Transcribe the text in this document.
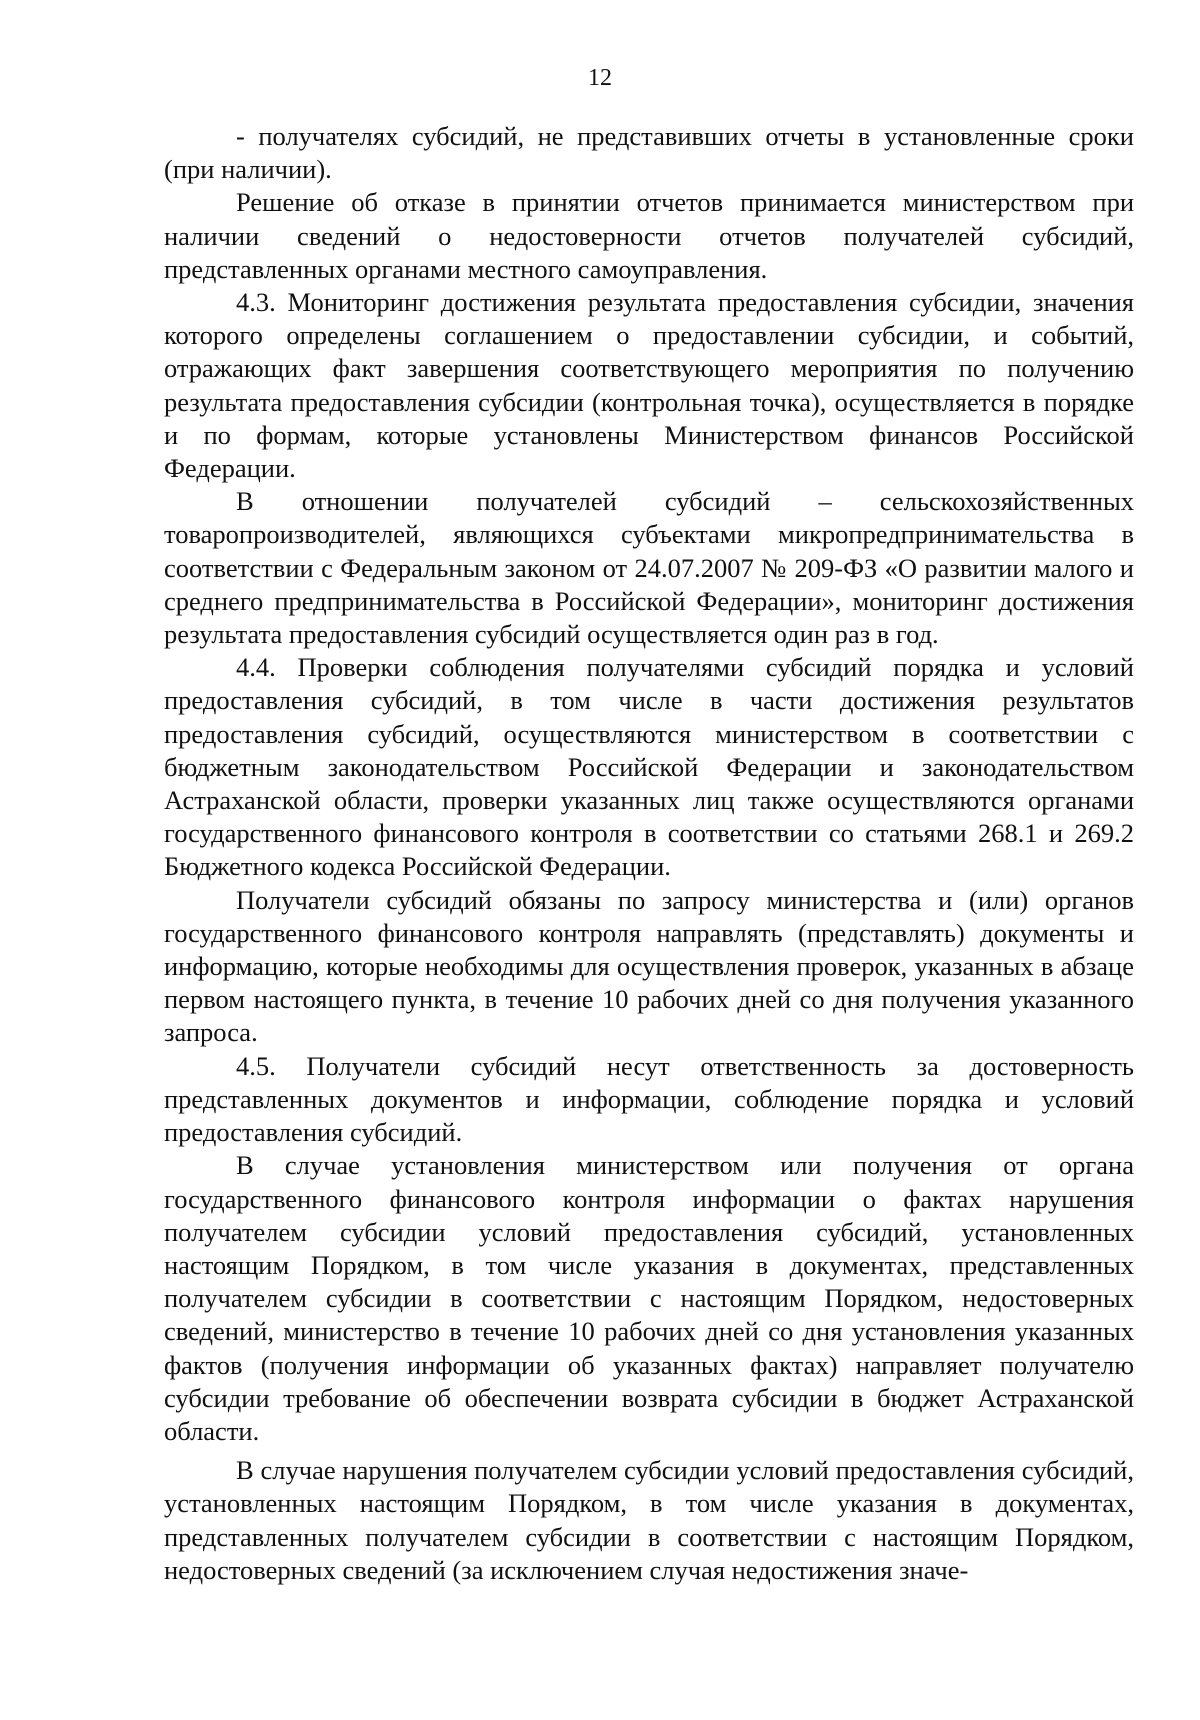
12

- получателях субсидий, не представивших отчеты в установленные сроки (при наличии).

Решение об отказе в принятии отчетов принимается министерством при наличии сведений о недостоверности отчетов получателей субсидий, представленных органами местного самоуправления.

4.3. Мониторинг достижения результата предоставления субсидии, значения которого определены соглашением о предоставлении субсидии, и событий, отражающих факт завершения соответствующего мероприятия по получению результата предоставления субсидии (контрольная точка), осуществляется в порядке и по формам, которые установлены Министерством финансов Российской Федерации.

В отношении получателей субсидий – сельскохозяйственных товаропроизводителей, являющихся субъектами микропредпринимательства в соответствии с Федеральным законом от 24.07.2007 № 209-ФЗ «О развитии малого и среднего предпринимательства в Российской Федерации», мониторинг достижения результата предоставления субсидий осуществляется один раз в год.

4.4. Проверки соблюдения получателями субсидий порядка и условий предоставления субсидий, в том числе в части достижения результатов предоставления субсидий, осуществляются министерством в соответствии с бюджетным законодательством Российской Федерации и законодательством Астраханской области, проверки указанных лиц также осуществляются органами государственного финансового контроля в соответствии со статьями 268.1 и 269.2 Бюджетного кодекса Российской Федерации.

Получатели субсидий обязаны по запросу министерства и (или) органов государственного финансового контроля направлять (представлять) документы и информацию, которые необходимы для осуществления проверок, указанных в абзаце первом настоящего пункта, в течение 10 рабочих дней со дня получения указанного запроса.

4.5. Получатели субсидий несут ответственность за достоверность представленных документов и информации, соблюдение порядка и условий предоставления субсидий.

В случае установления министерством или получения от органа государственного финансового контроля информации о фактах нарушения получателем субсидии условий предоставления субсидий, установленных настоящим Порядком, в том числе указания в документах, представленных получателем субсидии в соответствии с настоящим Порядком, недостоверных сведений, министерство в течение 10 рабочих дней со дня установления указанных фактов (получения информации об указанных фактах) направляет получателю субсидии требование об обеспечении возврата субсидии в бюджет Астраханской области.

В случае нарушения получателем субсидии условий предоставления субсидий, установленных настоящим Порядком, в том числе указания в документах, представленных получателем субсидии в соответствии с настоящим Порядком, недостоверных сведений (за исключением случая недостижения значе-
